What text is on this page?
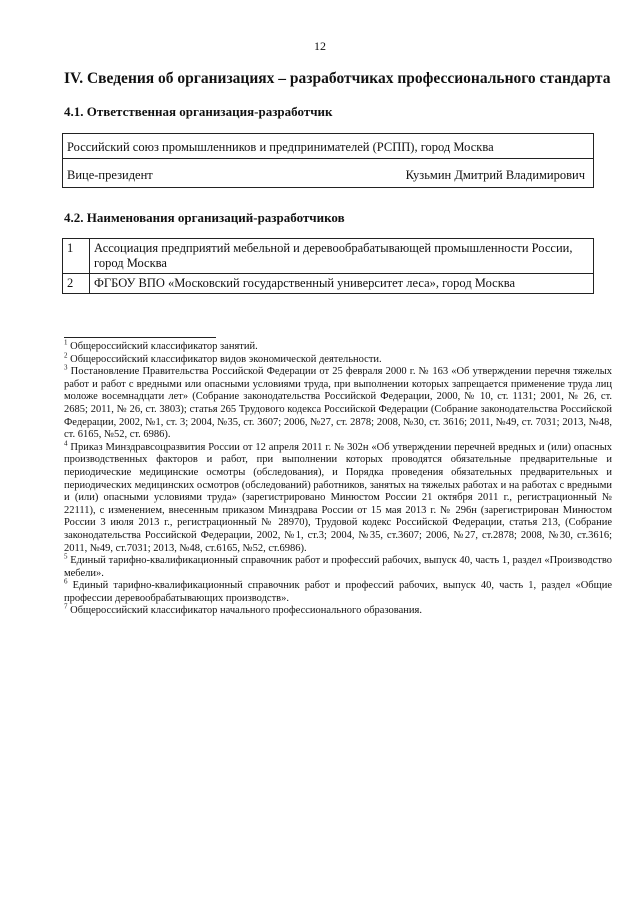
12
IV. Сведения об организациях – разработчиках профессионального стандарта
4.1. Ответственная организация-разработчик
Российский союз промышленников и предпринимателей (РСПП), город Москва
Вице-президент	Кузьмин Дмитрий Владимирович
4.2. Наименования организаций-разработчиков
1	Ассоциация предприятий мебельной и деревообрабатывающей промышленности России, город Москва
2	ФГБОУ ВПО «Московский государственный университет леса», город Москва

$^1$ Общероссийский классификатор занятий.

$^2$ Общероссийский классификатор видов экономической деятельности.

$^3$ Постановление Правительства Российской Федерации от 25 февраля 2000 г. № 163 «Об утверждении перечня тяжелых работ и работ с вредными или опасными условиями труда, при выполнении которых запрещается применение труда лиц моложе восемнадцати лет» (Собрание законодательства Российской Федерации, 2000, № 10, ст. 1131; 2001, № 26, ст. 2685; 2011, № 26, ст. 3803); статья 265 Трудового кодекса Российской Федерации (Собрание законодательства Российской Федерации, 2002, №1, ст. 3; 2004, №35, ст. 3607; 2006, №27, ст. 2878; 2008, №30, ст. 3616; 2011, №49, ст. 7031; 2013, №48, ст. 6165, №52, ст. 6986).

$^4$ Приказ Минздравсоцразвития России от 12 апреля 2011 г. № 302н «Об утверждении перечней вредных и (или) опасных производственных факторов и работ, при выполнении которых проводятся обязательные предварительные и периодические медицинские осмотры (обследования), и Порядка проведения обязательных предварительных и периодических медицинских осмотров (обследований) работников, занятых на тяжелых работах и на работах с вредными и (или) опасными условиями труда» (зарегистрировано Минюстом России 21 октября 2011 г., регистрационный № 22111), с изменением, внесенным приказом Минздрава России от 15 мая 2013 г. № 296н (зарегистрирован Минюстом России 3 июля 2013 г., регистрационный № 28970), Трудовой кодекс Российской Федерации, статья 213, (Собрание законодательства Российской Федерации, 2002, №1, ст.3; 2004, №35, ст.3607; 2006, №27, ст.2878; 2008, №30, ст.3616; 2011, №49, ст.7031; 2013, №48, ст.6165, №52, ст.6986).

$^5$ Единый тарифно-квалификационный справочник работ и профессий рабочих, выпуск 40, часть 1, раздел «Производство мебели».

$^6$ Единый тарифно-квалификационный справочник работ и профессий рабочих, выпуск 40, часть 1, раздел «Общие профессии деревообрабатывающих производств».

$^7$ Общероссийский классификатор начального профессионального образования.
